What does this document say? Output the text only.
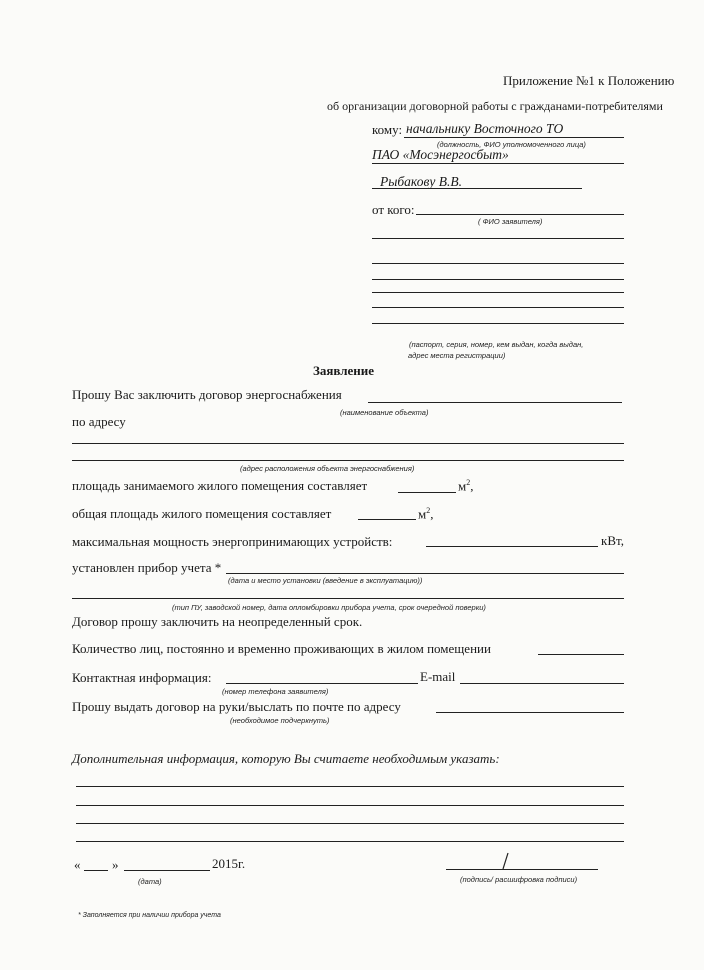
Приложение №1 к Положению
об организации договорной работы с гражданами-потребителями
кому: начальнику Восточного ТО
(должность, ФИО уполномоченного лица)
ПАО «Мосэнергосбыт»
Рыбакову В.В.
от кого:
( ФИО заявителя)
(паспорт, серия, номер, кем выдан, когда выдан,
адрес места регистрации)
Заявление
Прошу Вас заключить договор энергоснабжения
(наименование объекта)
по адресу
(адрес расположения объекта энергоснабжения)
площадь занимаемого жилого помещения составляет	$м^2$,
общая площадь жилого помещения составляет	$м^2$,
максимальная мощность энергопринимающих устройств:	кВт,
установлен прибор учета *
(дата и место установки (введение в эксплуатацию))
(тип ПУ, заводской номер, дата опломбировки прибора учета, срок очередной поверки)
Договор прошу заключить на неопределенный срок.
Количество лиц, постоянно и временно проживающих в жилом помещении
Контактная информация:	E-mail
(номер телефона заявителя)
Прошу выдать договор на руки/выслать по почте по адресу
(необходимое подчеркнуть)
Дополнительная информация, которую Вы считаете необходимым указать:
« »	2015г.
(дата)	(подпись/ расшифровка подписи)
* Заполняется при наличии прибора учета
